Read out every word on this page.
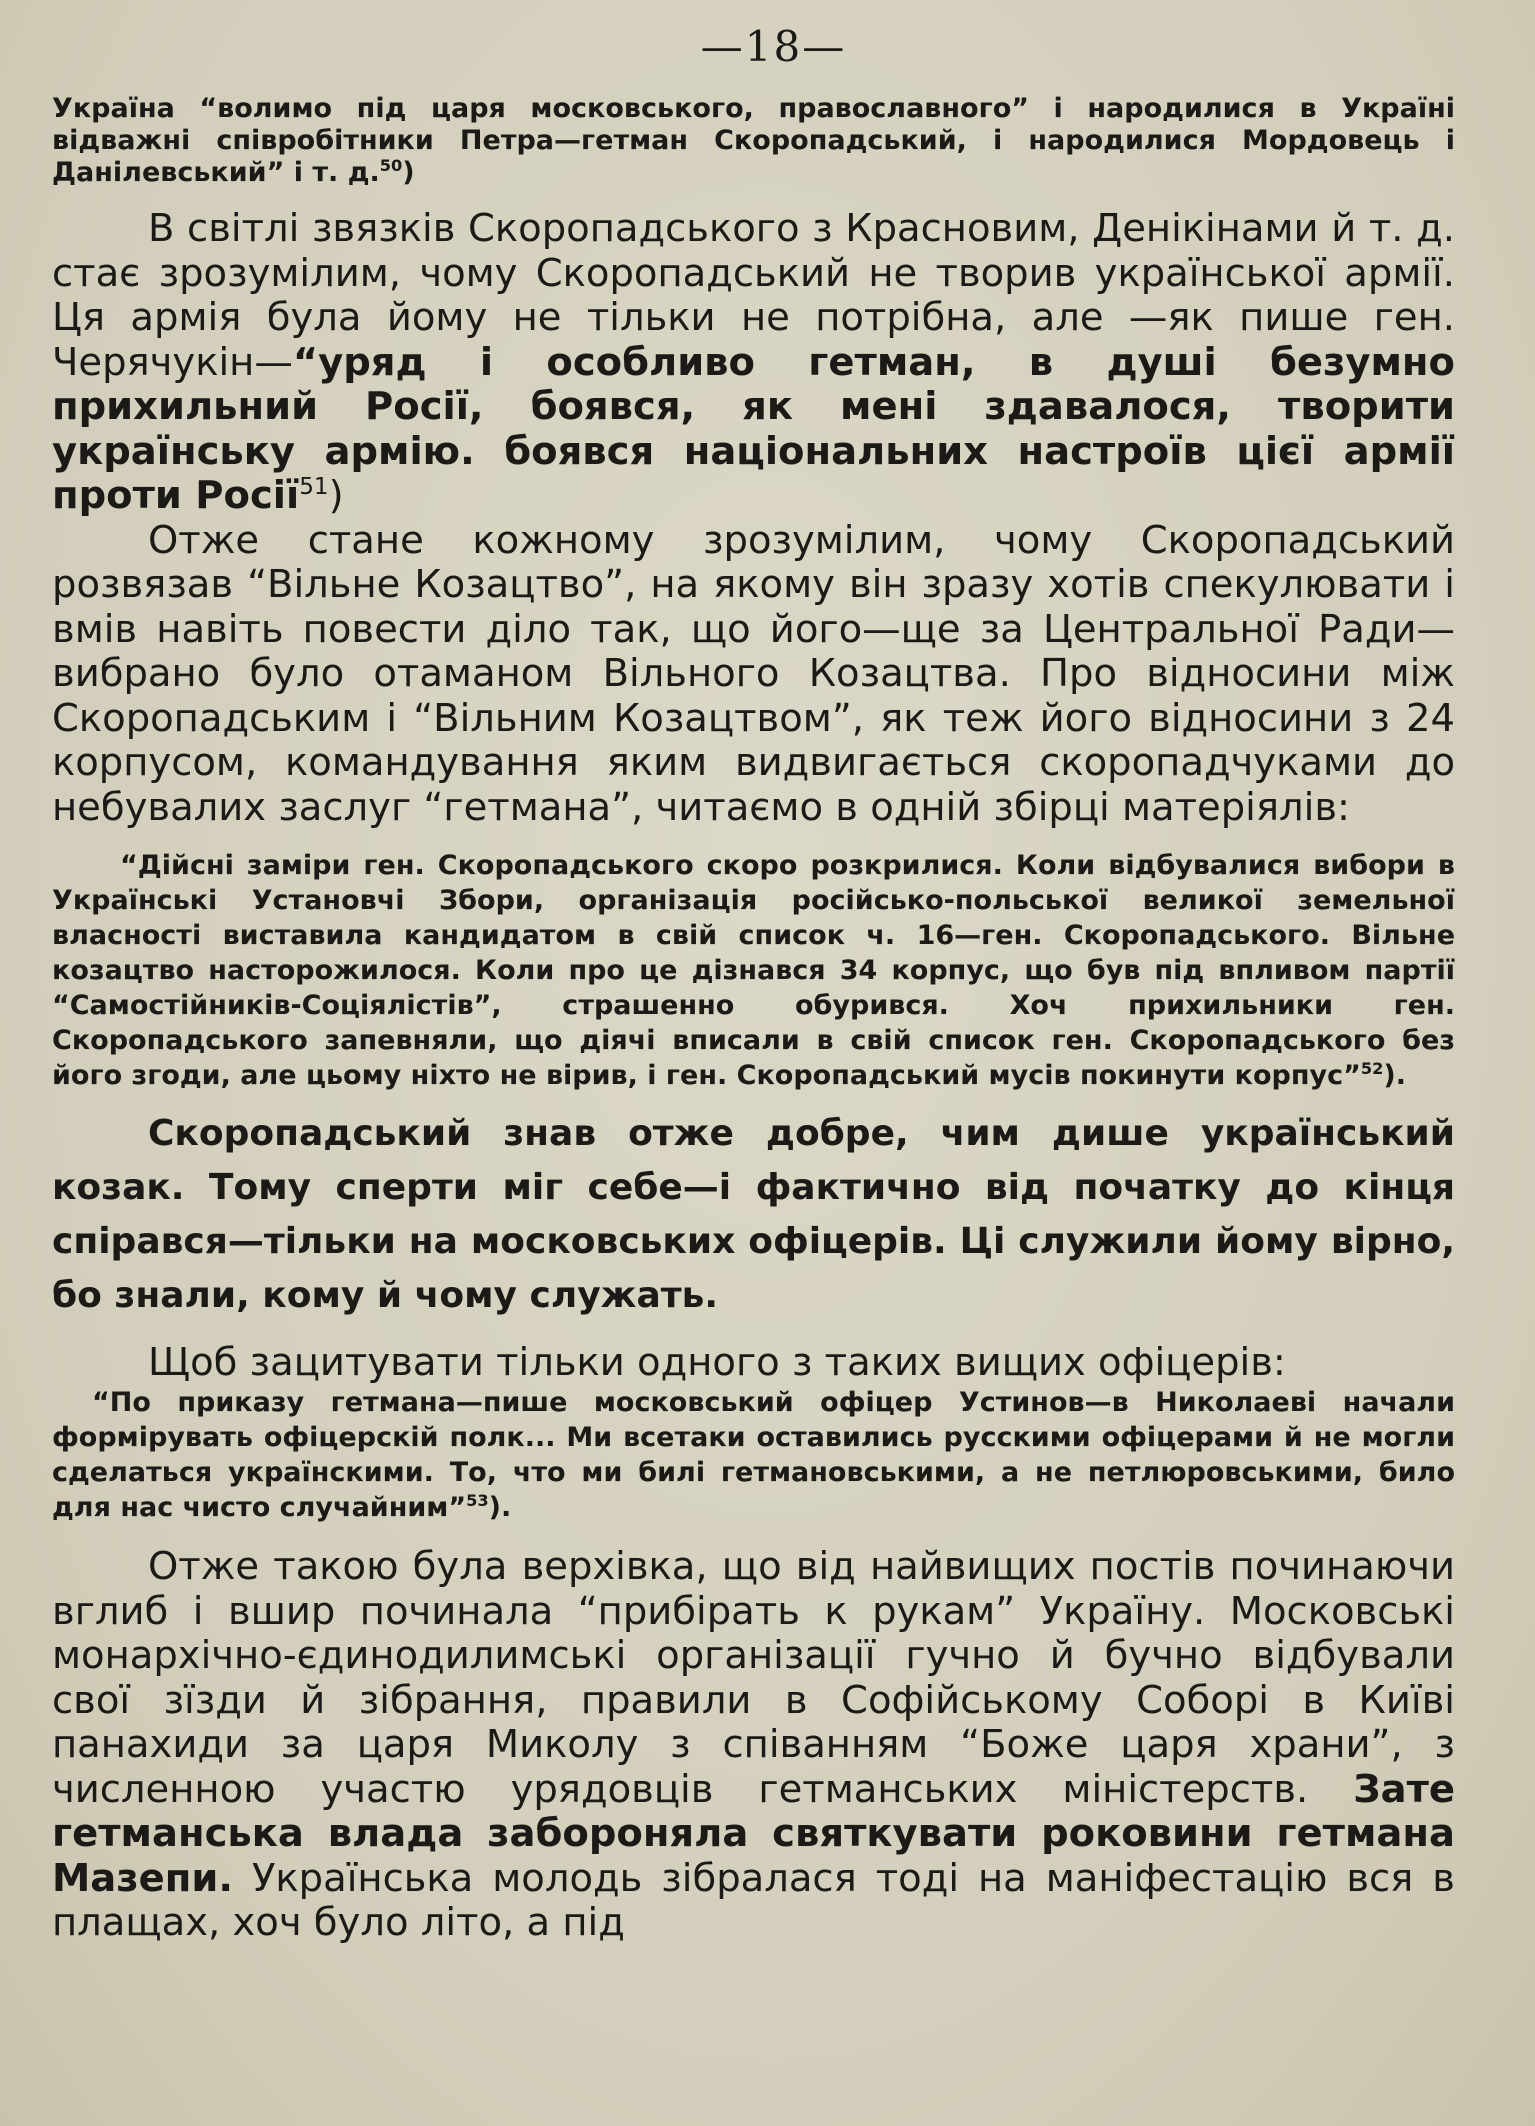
—18—

Україна “волимо під царя московського, православного” і народилися в Україні відважні співробітники Петра—гетман Скоропадський, і народилися Мордовець і Данілевський” і т. д.$^{50}$)

В світлі звязків Скоропадського з Красновим, Денікінами й т. д. стає зрозумілим, чому Скоропадський не творив української армії. Ця армія була йому не тільки не потрібна, але —як пише ген. Черячукін—“уряд і особливо гетман, в душі безумно прихильний Росії, боявся, як мені здавалося, творити українську армію. боявся національних настроїв цієї армії проти Росії$^{51}$)

Отже стане кожному зрозумілим, чому Скоропадський розвязав “Вільне Козацтво”, на якому він зразу хотів спекулювати і вмів навіть повести діло так, що його—ще за Центральної Ради—вибрано було отаманом Вільного Козацтва. Про відносини між Скоропадським і “Вільним Козацтвом”, як теж його відносини з 24 корпусом, командування яким видвигається скоропадчуками до небувалих заслуг “гетмана”, читаємо в одній збірці матеріялів:

“Дійсні заміри ген. Скоропадського скоро розкрилися. Коли відбувалися вибори в Українські Установчі Збори, організація російсько-польської великої земельної власності виставила кандидатом в свій список ч. 16—ген. Скоропадського. Вільне козацтво насторожилося. Коли про це дізнався 34 корпус, що був під впливом партії “Самостійників-Соціялістів”, страшенно обурився. Хоч прихильники ген. Скоропадського запевняли, що діячі вписали в свій список ген. Скоропадського без його згоди, але цьому ніхто не вірив, і ген. Скоропадський мусів покинути корпус”$^{52}$).

Скоропадський знав отже добре, чим дише український козак. Тому сперти міг себе—і фактично від початку до кінця спірався—тільки на московських офіцерів. Ці служили йому вірно, бо знали, кому й чому служать.

Щоб зацитувати тільки одного з таких вищих офіцерів:

“По приказу гетмана—пише московський офіцер Устинов—в Николаеві начали формірувать офіцерскій полк... Ми всетаки оставились русскими офіцерами й не могли сделаться українскими. То, что ми билі гетмановськими, а не петлюровськими, било для нас чисто случайним”$^{53}$).

Отже такою була верхівка, що від найвищих постів починаючи вглиб і вшир починала “прибірать к рукам” Україну. Московські монархічно-єдинодилимські організації гучно й бучно відбували свої зїзди й зібрання, правили в Софійському Соборі в Київі панахиди за царя Миколу з співанням “Боже царя храни”, з численною участю урядовців гетманських міністерств. Зате гетманська влада забороняла святкувати роковини гетмана Мазепи. Українська молодь зібралася тоді на маніфестацію вся в плащах, хоч було літо, а під
